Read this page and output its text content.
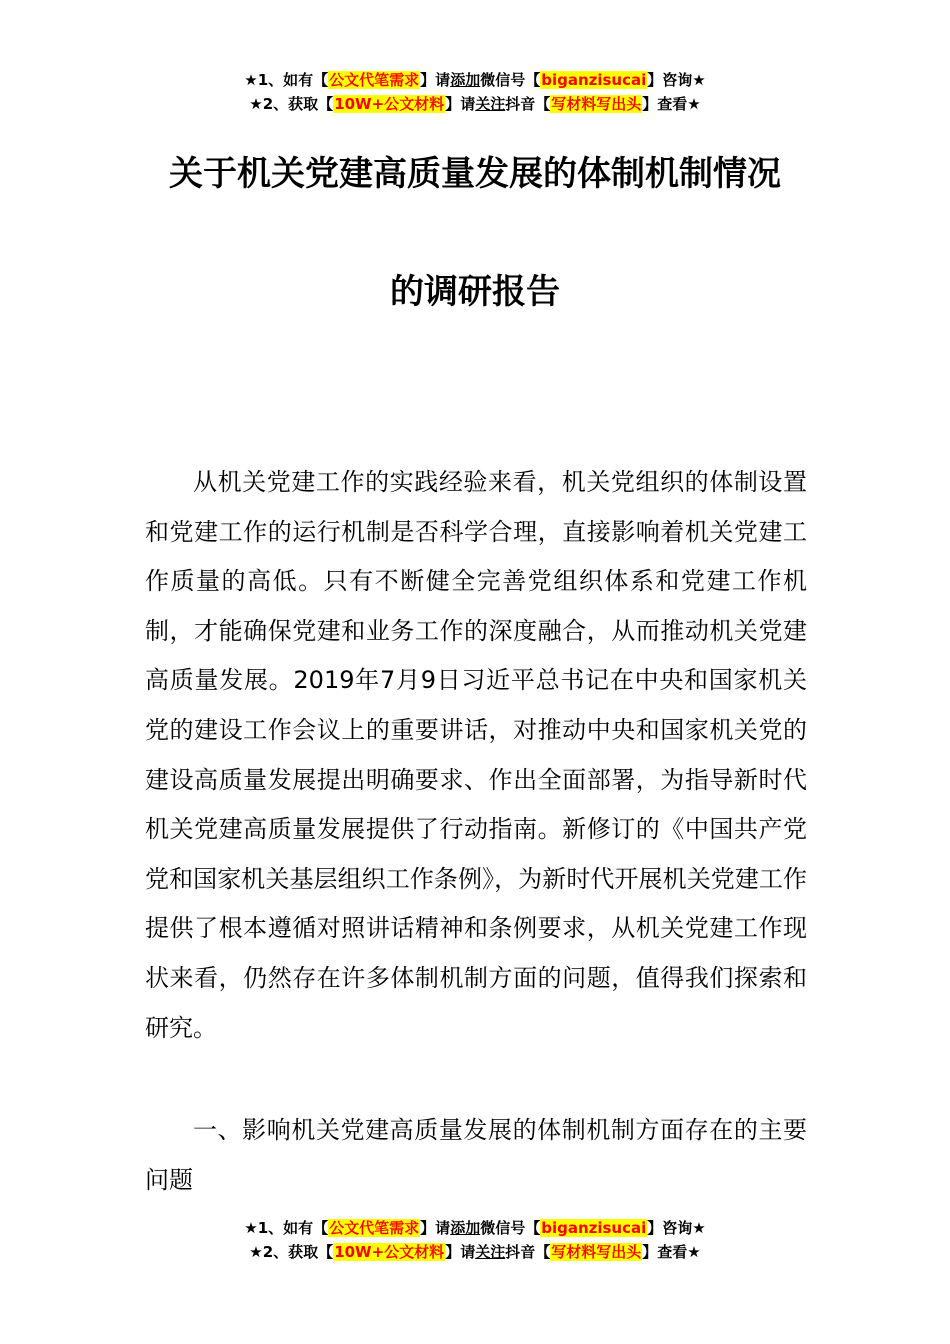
★1、如有【公文代笔需求】请添加微信号【biganzisucai】咨询★
★2、获取【10W+公文材料】请关注抖音【写材料写出头】查看★
关于机关党建高质量发展的体制机制情况
的调研报告
从机关党建工作的实践经验来看，机关党组织的体制设置和党建工作的运行机制是否科学合理，直接影响着机关党建工作质量的高低。只有不断健全完善党组织体系和党建工作机制，才能确保党建和业务工作的深度融合，从而推动机关党建高质量发展。2019年7月9日习近平总书记在中央和国家机关党的建设工作会议上的重要讲话，对推动中央和国家机关党的建设高质量发展提出明确要求、作出全面部署，为指导新时代机关党建高质量发展提供了行动指南。新修订的《中国共产党党和国家机关基层组织工作条例》，为新时代开展机关党建工作提供了根本遵循对照讲话精神和条例要求，从机关党建工作现状来看，仍然存在许多体制机制方面的问题，值得我们探索和研究。
一、影响机关党建高质量发展的体制机制方面存在的主要问题
★1、如有【公文代笔需求】请添加微信号【biganzisucai】咨询★
★2、获取【10W+公文材料】请关注抖音【写材料写出头】查看★
